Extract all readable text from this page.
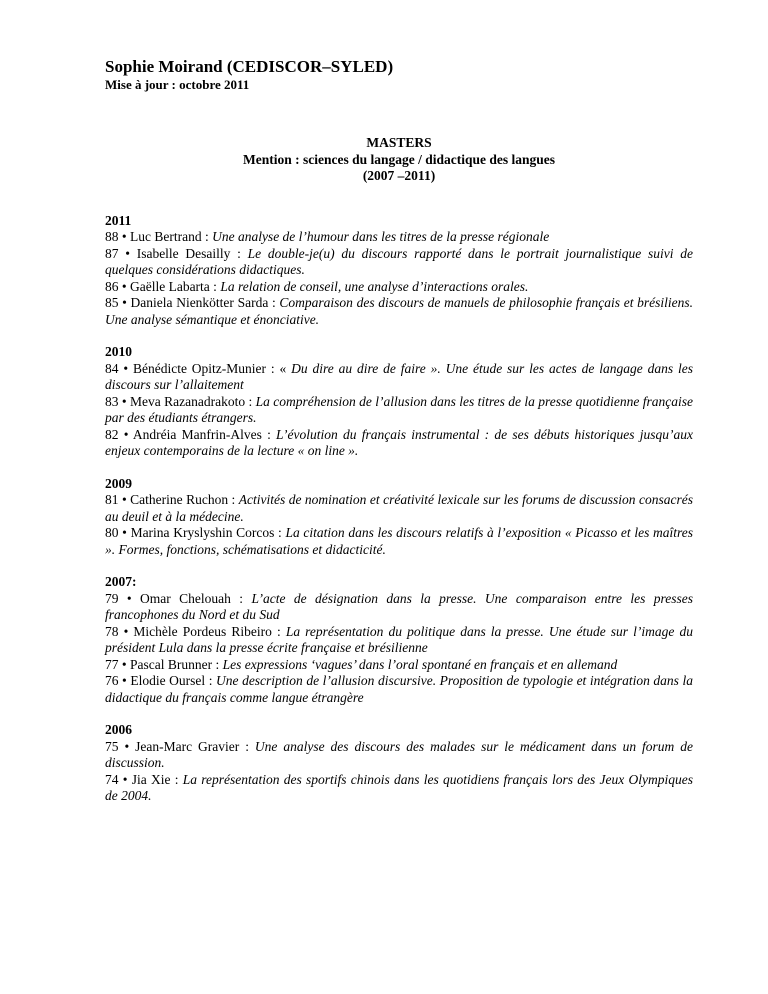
Sophie Moirand (CEDISCOR–SYLED)

Mise à jour : octobre 2011

MASTERS
Mention : sciences du langage / didactique des langues
(2007 –2011)
2011

88 • Luc Bertrand : Une analyse de l’humour dans les titres de la presse régionale

87 • Isabelle Desailly : Le double-je(u) du discours rapporté dans le portrait journalistique suivi de quelques considérations didactiques.

86 • Gaëlle Labarta : La relation de conseil, une analyse d’interactions orales.

85 • Daniela Nienkötter Sarda : Comparaison des discours de manuels de philosophie français et brésiliens. Une analyse sémantique et énonciative.

2010

84 • Bénédicte Opitz-Munier : « Du dire au dire de faire ». Une étude sur les actes de langage dans les discours sur l’allaitement

83 • Meva Razanadrakoto : La compréhension de l’allusion dans les titres de la presse quotidienne française par des étudiants étrangers.

82 • Andréia Manfrin-Alves : L’évolution du français instrumental : de ses débuts historiques jusqu’aux enjeux contemporains de la lecture « on line ».

2009

81 • Catherine Ruchon : Activités de nomination et créativité lexicale sur les forums de discussion consacrés au deuil et à la médecine.

80 • Marina Kryslyshin Corcos : La citation dans les discours relatifs à l’exposition « Picasso et les maîtres ». Formes, fonctions, schématisations et didacticité.

2007:

79 • Omar Chelouah : L’acte de désignation dans la presse. Une comparaison entre les presses francophones du Nord et du Sud

78 • Michèle Pordeus Ribeiro : La représentation du politique dans la presse. Une étude sur l’image du président Lula dans la presse écrite française et brésilienne

77 • Pascal Brunner : Les expressions ‘vagues’ dans l’oral spontané en français et en allemand

76 • Elodie Oursel : Une description de l’allusion discursive. Proposition de typologie et intégration dans la didactique du français comme langue étrangère

2006

75 • Jean-Marc Gravier : Une analyse des discours des malades sur le médicament dans un forum de discussion.

74 • Jia Xie : La représentation des sportifs chinois dans les quotidiens français lors des Jeux Olympiques de 2004.
